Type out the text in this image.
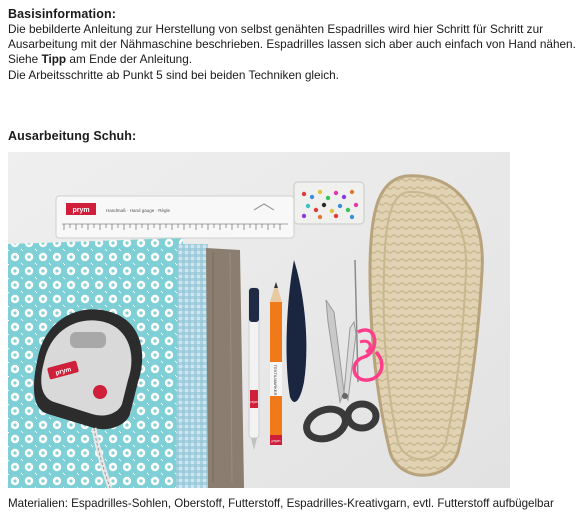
Basisinformation:
Die bebilderte Anleitung zur Herstellung von selbst genähten Espadrilles wird hier Schritt für Schritt zur
Ausarbeitung mit der Nähmaschine beschrieben. Espadrilles lassen sich aber auch einfach von Hand nähen.
Siehe Tipp am Ende der Anleitung.
Die Arbeitsschritte ab Punkt 5 sind bei beiden Techniken gleich.
Ausarbeitung Schuh:
prym	Handmaß · Hand gauge · Règle
prym
prym
TEXTILMARKER
prym
Materialien: Espadrilles-Sohlen, Oberstoff, Futterstoff, Espadrilles-Kreativgarn, evtl. Futterstoff aufbügelbar
